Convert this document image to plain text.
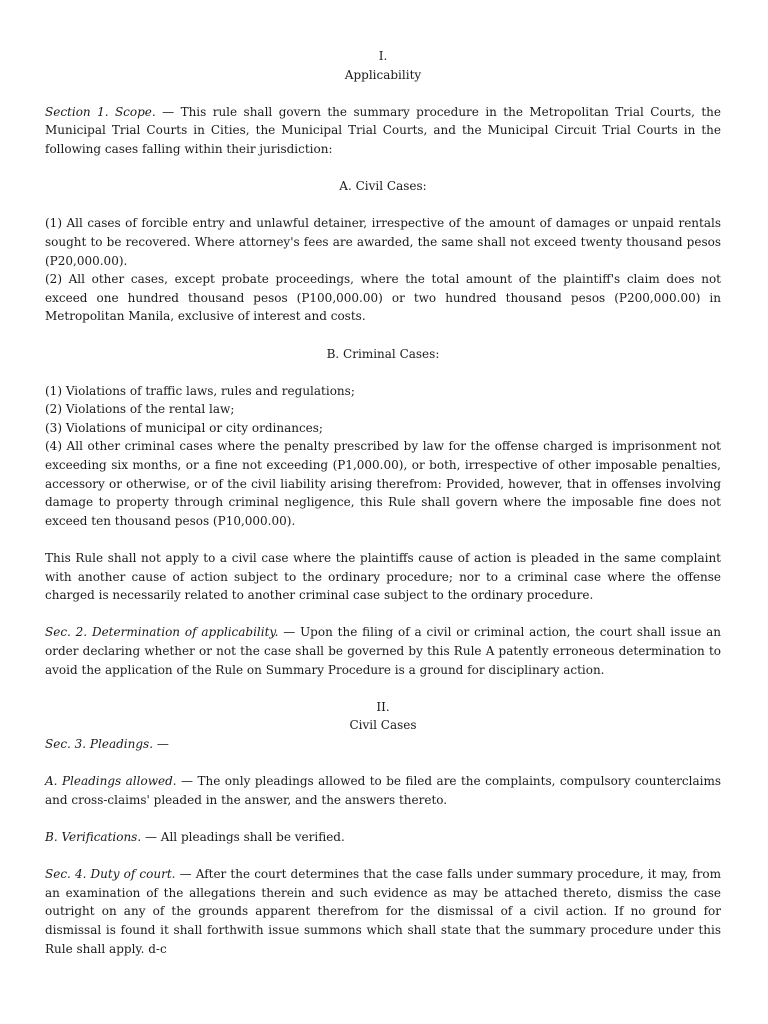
I.

Applicability

Section 1. Scope. — This rule shall govern the summary procedure in the Metropolitan Trial Courts, the Municipal Trial Courts in Cities, the Municipal Trial Courts, and the Municipal Circuit Trial Courts in the following cases falling within their jurisdiction:

A. Civil Cases:

(1) All cases of forcible entry and unlawful detainer, irrespective of the amount of damages or unpaid rentals sought to be recovered. Where attorney's fees are awarded, the same shall not exceed twenty thousand pesos (P20,000.00).

(2) All other cases, except probate proceedings, where the total amount of the plaintiff's claim does not exceed one hundred thousand pesos (P100,000.00) or two hundred thousand pesos (P200,000.00) in Metropolitan Manila, exclusive of interest and costs.

B. Criminal Cases:

(1) Violations of traffic laws, rules and regulations;

(2) Violations of the rental law;

(3) Violations of municipal or city ordinances;

(4) All other criminal cases where the penalty prescribed by law for the offense charged is imprisonment not exceeding six months, or a fine not exceeding (P1,000.00), or both, irrespective of other imposable penalties, accessory or otherwise, or of the civil liability arising therefrom: Provided, however, that in offenses involving damage to property through criminal negligence, this Rule shall govern where the imposable fine does not exceed ten thousand pesos (P10,000.00).

This Rule shall not apply to a civil case where the plaintiffs cause of action is pleaded in the same complaint with another cause of action subject to the ordinary procedure; nor to a criminal case where the offense charged is necessarily related to another criminal case subject to the ordinary procedure.

Sec. 2. Determination of applicability. — Upon the filing of a civil or criminal action, the court shall issue an order declaring whether or not the case shall be governed by this Rule A patently erroneous determination to avoid the application of the Rule on Summary Procedure is a ground for disciplinary action.

II.

Civil Cases

Sec. 3. Pleadings. —

A. Pleadings allowed. — The only pleadings allowed to be filed are the complaints, compulsory counterclaims and cross-claims' pleaded in the answer, and the answers thereto.

B. Verifications. — All pleadings shall be verified.

Sec. 4. Duty of court. — After the court determines that the case falls under summary procedure, it may, from an examination of the allegations therein and such evidence as may be attached thereto, dismiss the case outright on any of the grounds apparent therefrom for the dismissal of a civil action. If no ground for dismissal is found it shall forthwith issue summons which shall state that the summary procedure under this Rule shall apply. d-c
